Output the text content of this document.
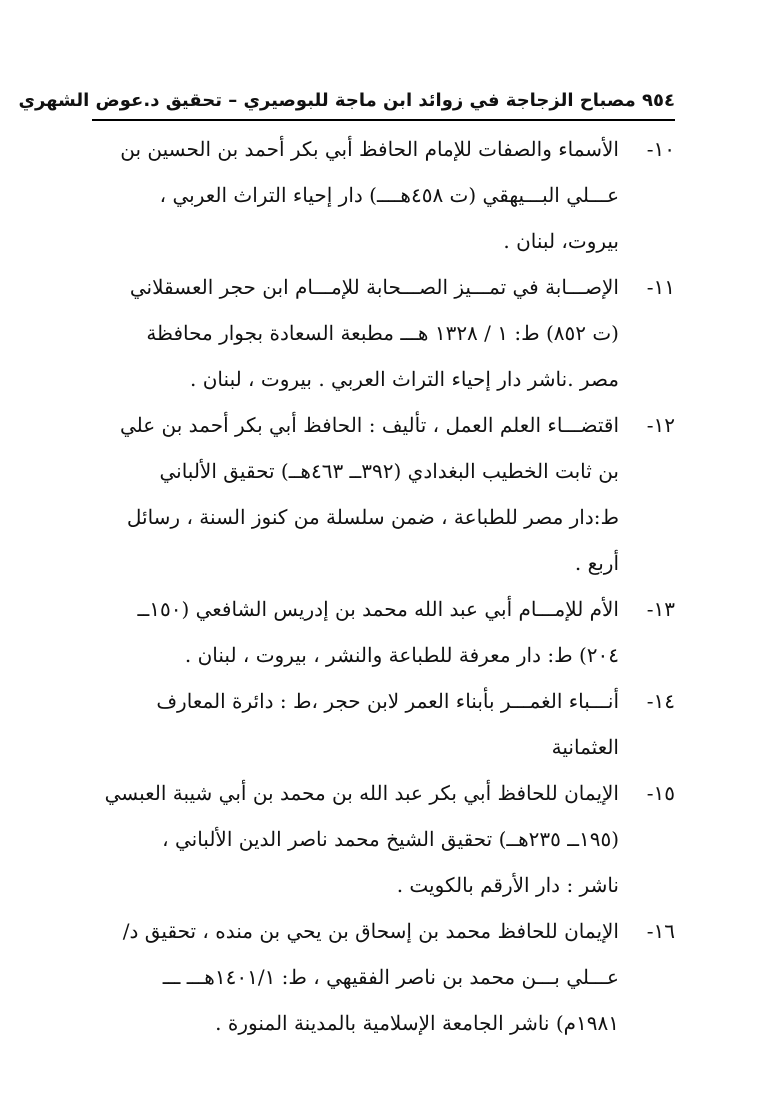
٩٥٤ مصباح الزجاجة في زوائد ابن ماجة للبوصيري – تحقيق د.عوض الشهري
١٠-
الأسماء والصفات للإمام الحافظ أبي بكر أحمد بن الحسين بن
عـــلي البـــيهقي (ت ٤٥٨هــــ) دار إحياء التراث العربي ،
بيروت، لبنان .
١١-
الإصـــابة في تمـــيز الصـــحابة للإمـــام ابن حجر العسقلاني
(ت ٨٥٢) ط: ١ / ١٣٢٨ هـــ مطبعة السعادة بجوار محافظة
مصر .ناشر دار إحياء التراث العربي . بيروت ، لبنان .
١٢-
اقتضـــاء العلم العمل ، تأليف : الحافظ أبي بكر أحمد بن علي
بن ثابت الخطيب البغدادي (٣٩٢ــ ٤٦٣هــ) تحقيق الألباني
ط:دار مصر للطباعة ، ضمن سلسلة من كنوز السنة ، رسائل
أربع .
١٣-
الأم للإمـــام أبي عبد الله محمد بن إدريس الشافعي (١٥٠ــ
٢٠٤) ط: دار معرفة للطباعة والنشر ، بيروت ، لبنان .
١٤-
أنـــباء الغمـــر بأبناء العمر لابن حجر ،ط : دائرة المعارف
العثمانية
١٥-
الإيمان للحافظ أبي بكر عبد الله بن محمد بن أبي شيبة العبسي
(١٩٥ــ ٢٣٥هــ) تحقيق الشيخ محمد ناصر الدين الألباني ،
ناشر : دار الأرقم بالكويت .
١٦-
الإيمان للحافظ محمد بن إسحاق بن يحي بن منده ، تحقيق د/
عـــلي بـــن محمد بن ناصر الفقيهي ، ط: ١٤٠١/١هـــ ـــ
١٩٨١م) ناشر الجامعة الإسلامية بالمدينة المنورة .
